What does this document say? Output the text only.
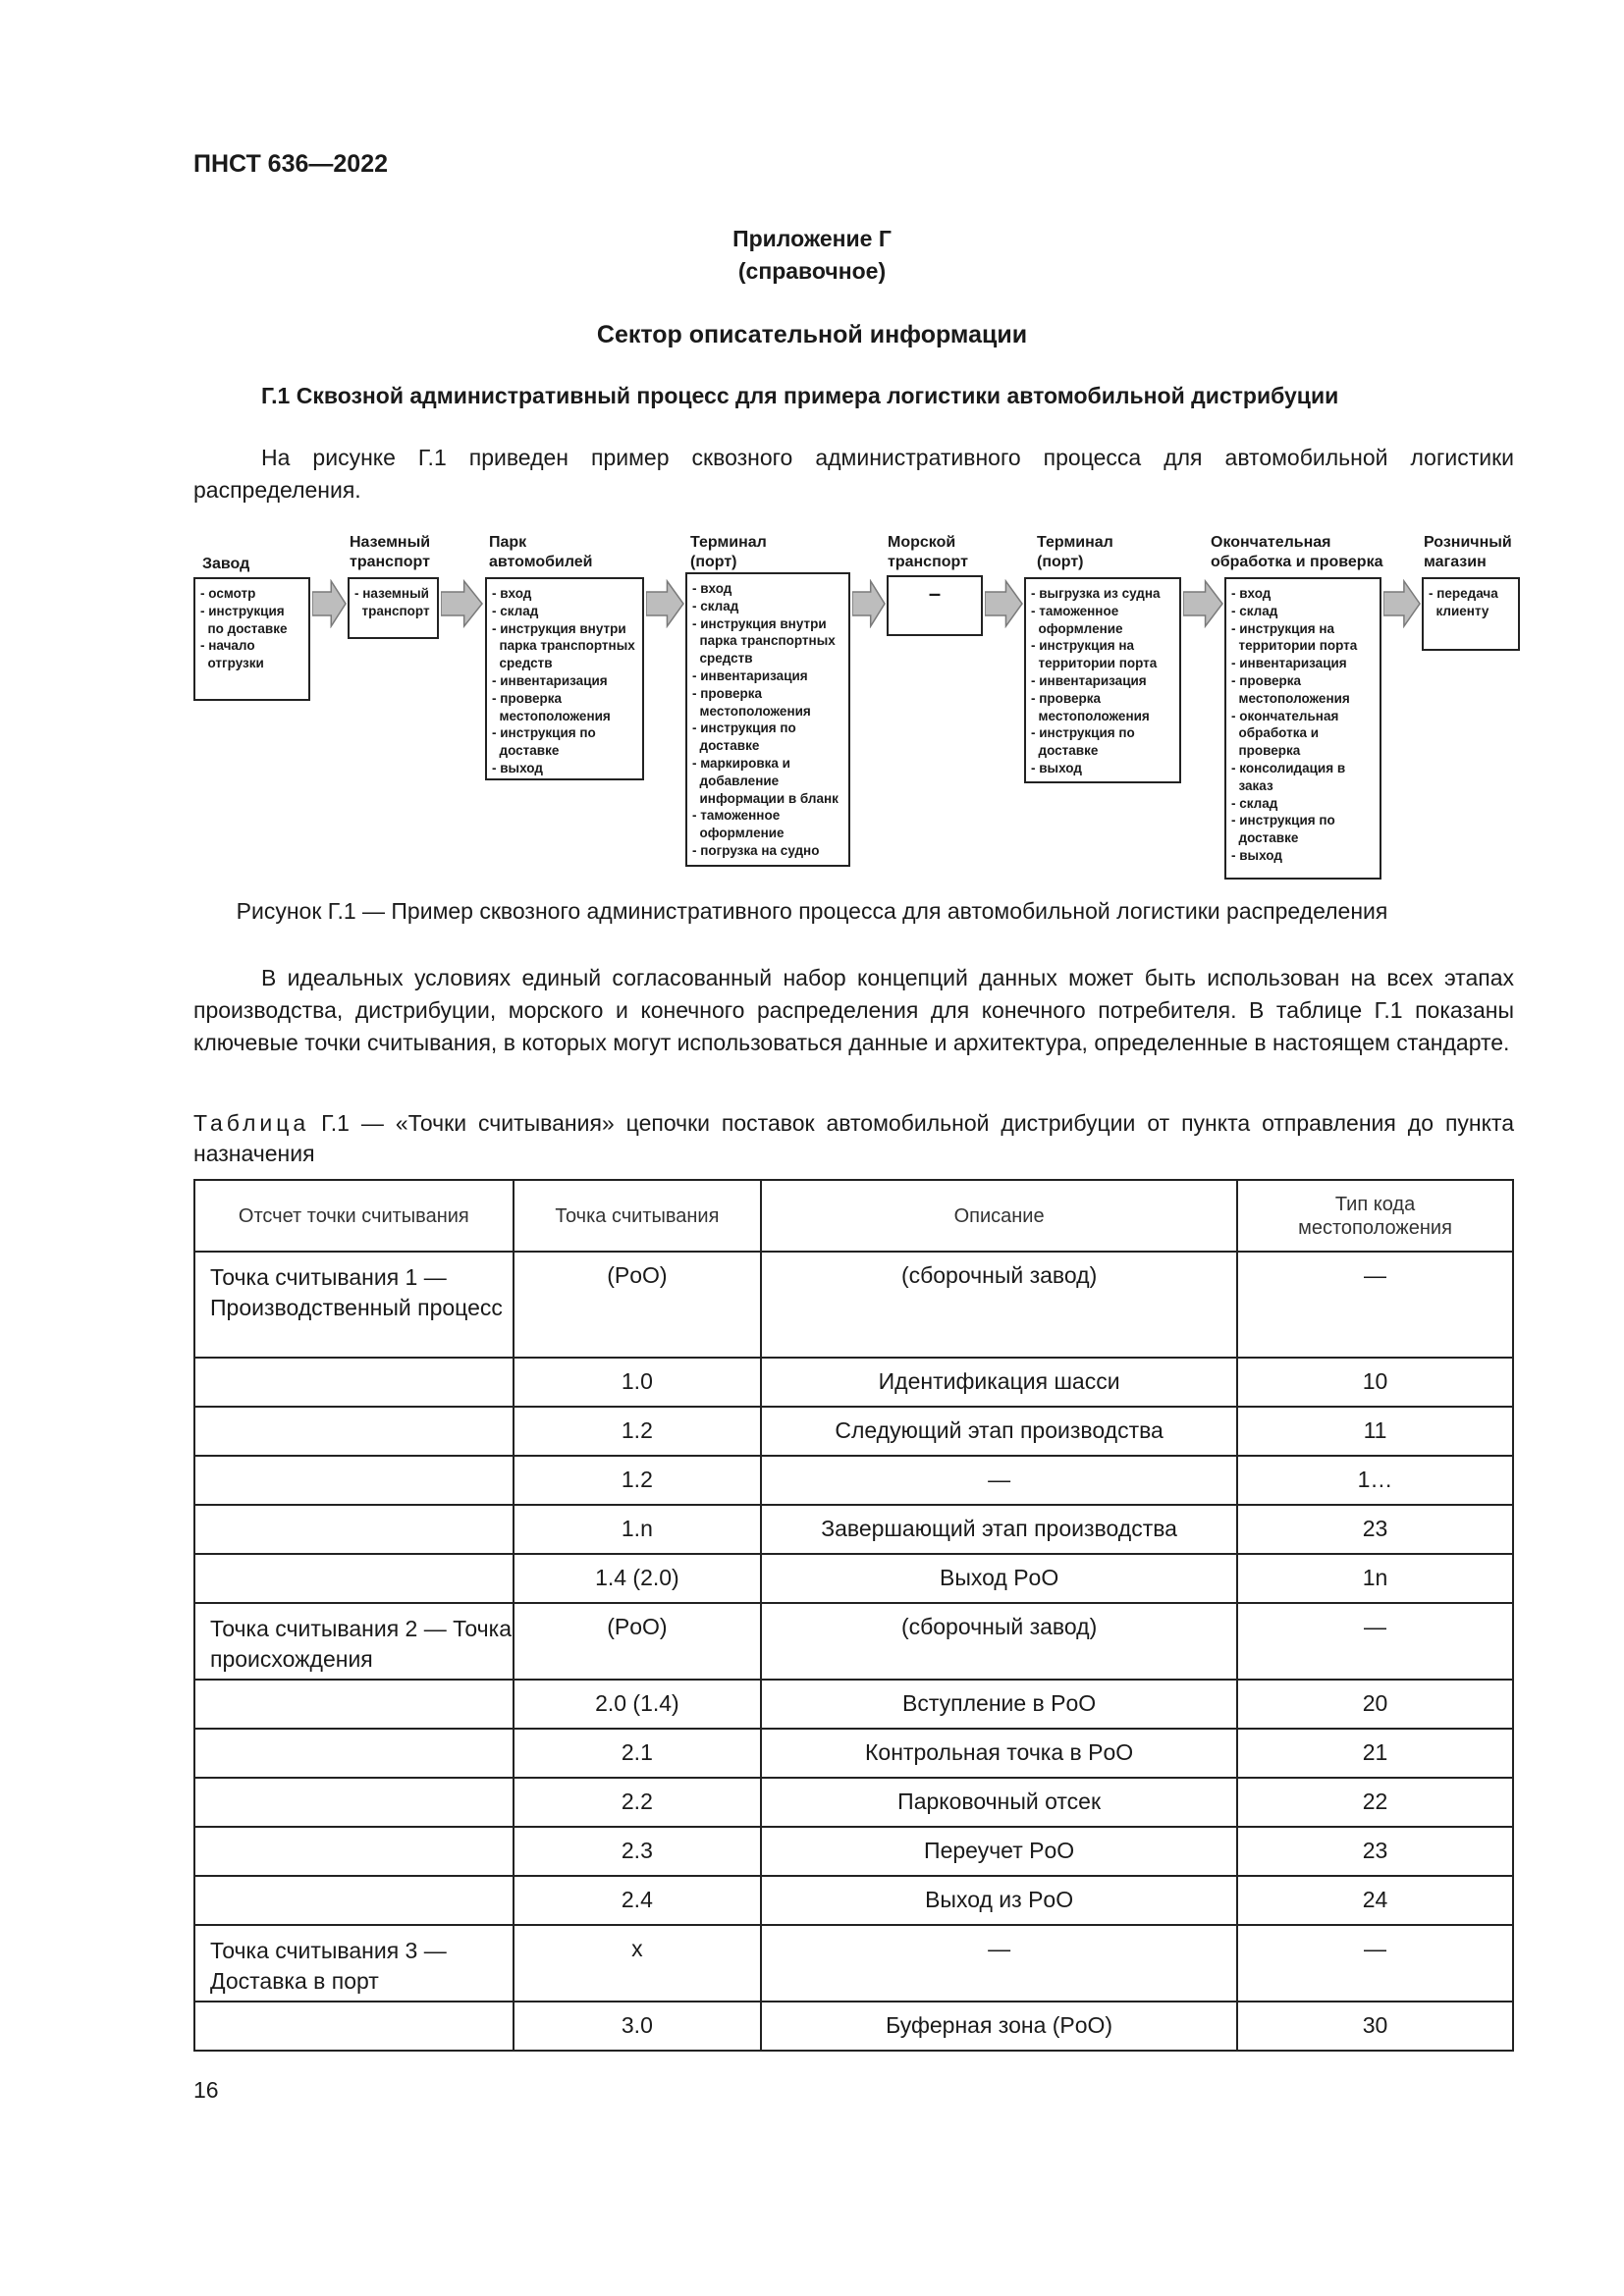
ПНСТ 636—2022
Приложение Г
(справочное)
Сектор описательной информации
Г.1 Сквозной административный процесс для примера логистики автомобильной дистрибуции
На рисунке Г.1 приведен пример сквозного административного процесса для автомобильной логистики распределения.
Завод
- осмотр
- инструкция
по доставке
- начало
отгрузки
Наземный
транспорт
- наземный
транспорт
Парк
автомобилей
- вход
- склад
- инструкция внутри
парка транспортных
средств
- инвентаризация
- проверка
местоположения
- инструкция по
доставке
- выход
Терминал
(порт)
- вход
- склад
- инструкция внутри
парка транспортных
средств
- инвентаризация
- проверка
местоположения
- инструкция по
доставке
- маркировка и
добавление
информации в бланк
- таможенное
оформление
- погрузка на судно
Морской
транспорт
–
Терминал
(порт)
- выгрузка из судна
- таможенное
оформление
- инструкция на
территории порта
- инвентаризация
- проверка
местоположения
- инструкция по
доставке
- выход
Окончательная
обработка и проверка
- вход
- склад
- инструкция на
территории порта
- инвентаризация
- проверка
местоположения
- окончательная
обработка и
проверка
- консолидация в
заказ
- склад
- инструкция по
доставке
- выход
Розничный
магазин
- передача
клиенту
Рисунок Г.1 — Пример сквозного административного процесса для автомобильной логистики распределения
В идеальных условиях единый согласованный набор концепций данных может быть использован на всех этапах производства, дистрибуции, морского и конечного распределения для конечного потребителя. В таблице Г.1 показаны ключевые точки считывания, в которых могут использоваться данные и архитектура, определенные в настоящем стандарте.
Таблица Г.1 — «Точки считывания» цепочки поставок автомобильной дистрибуции от пункта отправления до пункта назначения
Отсчет точки считывания	Точка считывания	Описание	Тип кода местоположения
Точка считывания 1 — Производственный процесс	(PoO)	(сборочный завод)	—
	1.0	Идентификация шасси	10
	1.2	Следующий этап производства	11
	1.2	—	1…
	1.n	Завершающий этап производства	23
	1.4 (2.0)	Выход PoO	1n
Точка считывания 2 — Точка происхождения	(PoO)	(сборочный завод)	—
	2.0 (1.4)	Вступление в PoO	20
	2.1	Контрольная точка в PoO	21
	2.2	Парковочный отсек	22
	2.3	Переучет PoO	23
	2.4	Выход из PoO	24
Точка считывания 3 — Доставка в порт	x	—	—
	3.0	Буферная зона (PoO)	30
16
